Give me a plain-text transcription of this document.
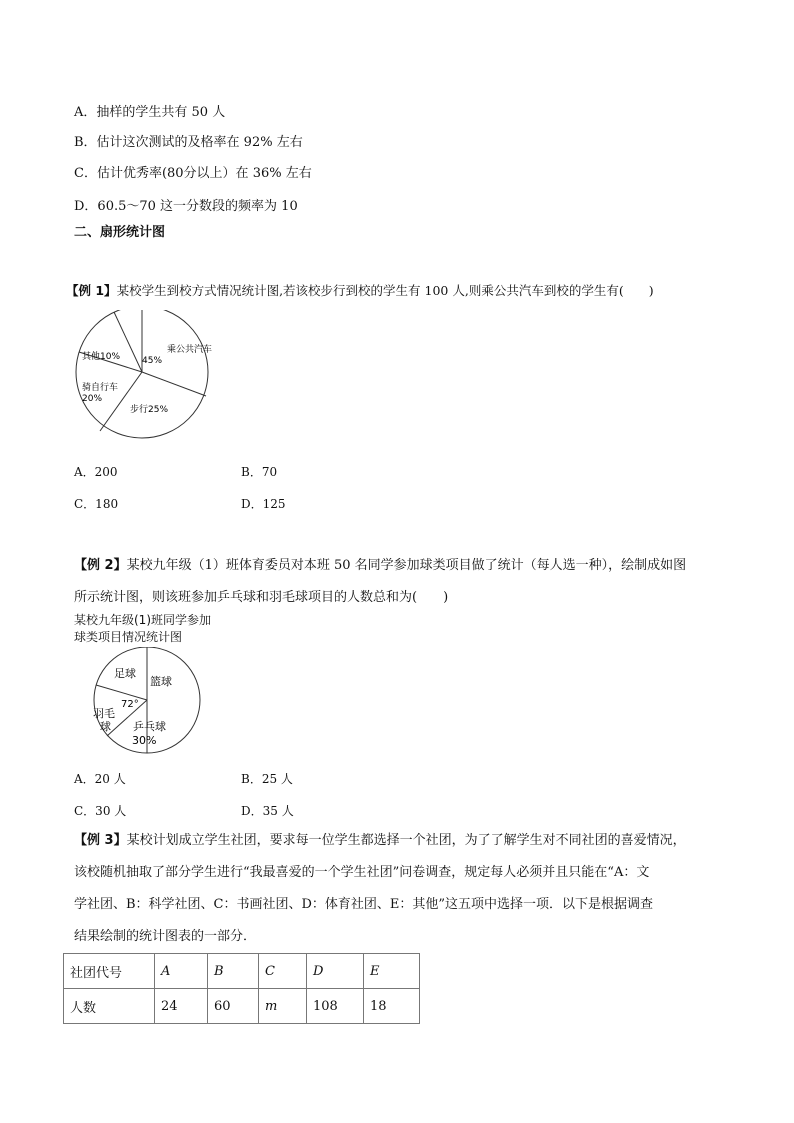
A．抽样的学生共有 50 人
B．估计这次测试的及格率在 92% 左右
C．估计优秀率(80分以上）在 36% 左右
D．60.5～70 这一分数段的频率为 10
二、扇形统计图
【例 1】某校学生到校方式情况统计图,若该校步行到校的学生有 100 人,则乘公共汽车到校的学生有(　　)
乘公共汽车
45%
其他10%
骑自行车
20%
步行25%
A．200	B．70
C．180	D．125
【例 2】某校九年级（1）班体育委员对本班 50 名同学参加球类项目做了统计（每人选一种），绘制成如图
所示统计图，则该班参加乒乓球和羽毛球项目的人数总和为(　　)
某校九年级(1)班同学参加
球类项目情况统计图
足球
篮球
72°
羽毛
球 乒乓球
30%
A．20 人	B．25 人
C．30 人	D．35 人
【例 3】某校计划成立学生社团，要求每一位学生都选择一个社团，为了了解学生对不同社团的喜爱情况，
该校随机抽取了部分学生进行“我最喜爱的一个学生社团”问卷调查，规定每人必须并且只能在“A：文
学社团、B：科学社团、C：书画社团、D：体育社团、E：其他”这五项中选择一项．以下是根据调查
结果绘制的统计图表的一部分．
社团代号	A	B	C	D	E
人数	24	60	m	108	18
